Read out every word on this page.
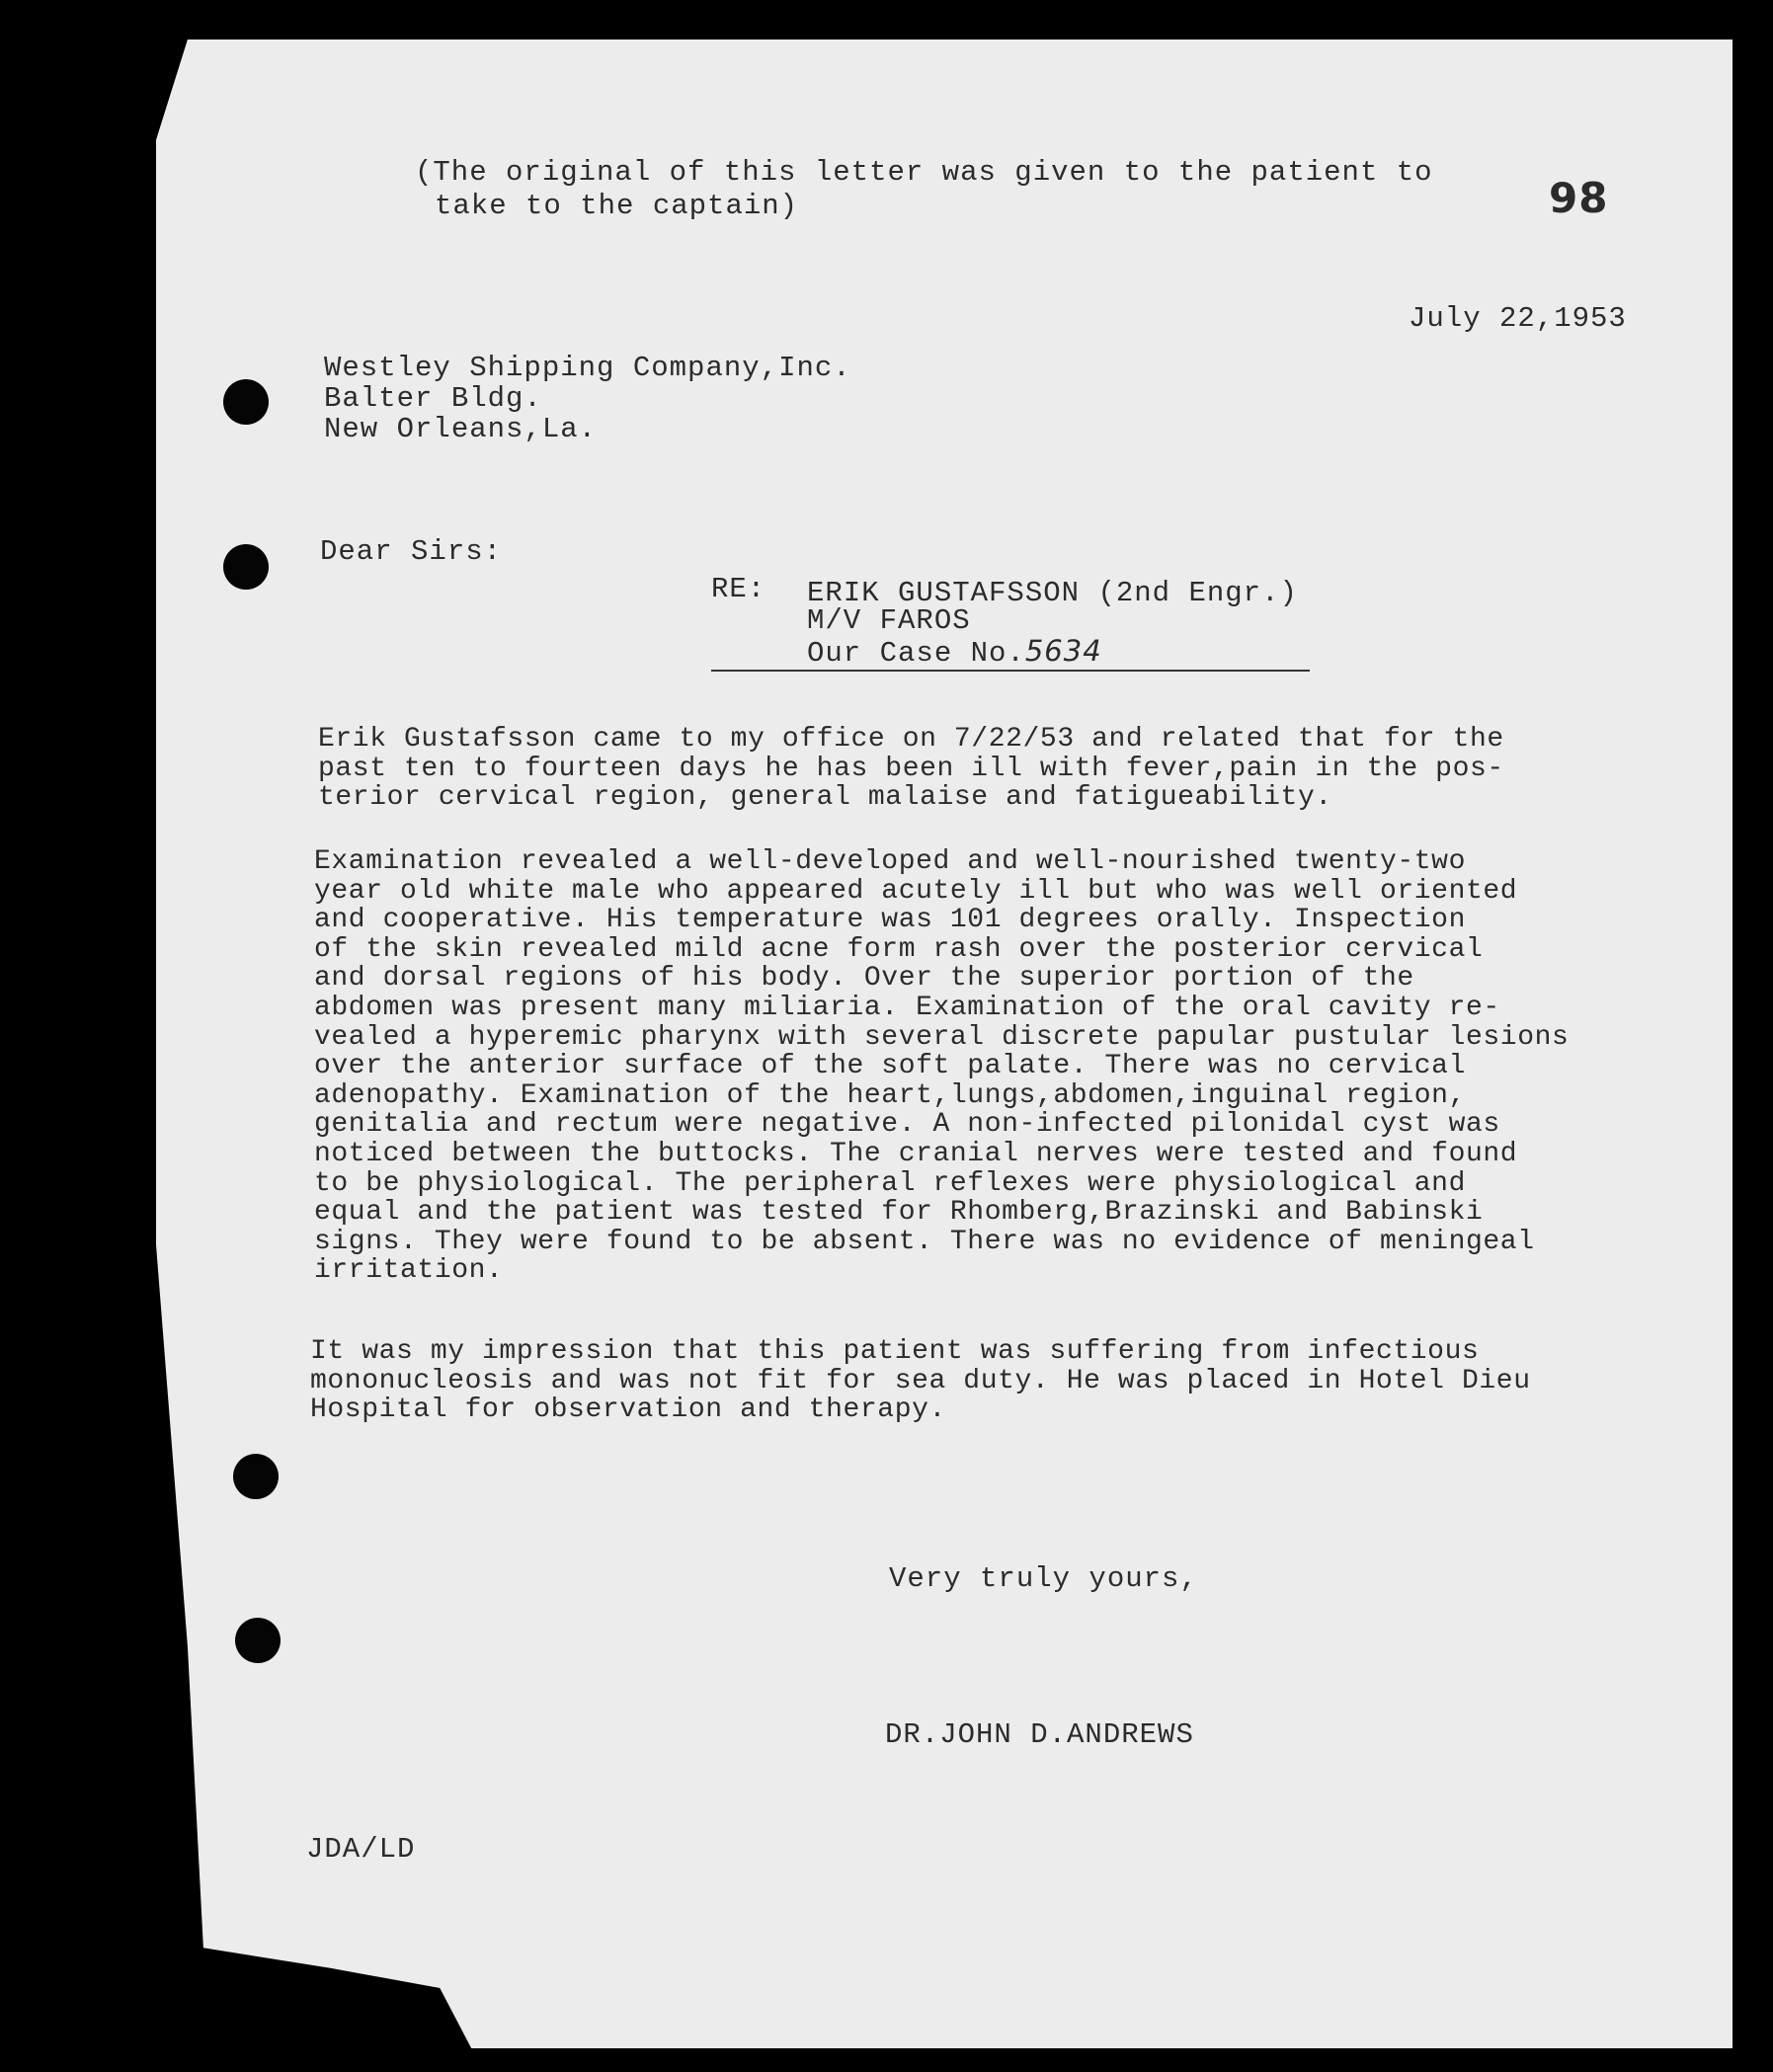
(The original of this letter was given to the patient to
take to the captain)	98
July 22,1953
Westley Shipping Company,Inc.
Balter Bldg.
New Orleans,La.
Dear Sirs:
RE: ERIK GUSTAFSSON (2nd Engr.)
M/V FAROS
Our Case No.5634
Erik Gustafsson came to my office on 7/22/53 and related that for the
past ten to fourteen days he has been ill with fever,pain in the pos-
terior cervical region, general malaise and fatigueability.
Examination revealed a well-developed and well-nourished twenty-two
year old white male who appeared acutely ill but who was well oriented
and cooperative. His temperature was 101 degrees orally. Inspection
of the skin revealed mild acne form rash over the posterior cervical
and dorsal regions of his body. Over the superior portion of the
abdomen was present many miliaria. Examination of the oral cavity re-
vealed a hyperemic pharynx with several discrete papular pustular lesions
over the anterior surface of the soft palate. There was no cervical
adenopathy. Examination of the heart,lungs,abdomen,inguinal region,
genitalia and rectum were negative. A non-infected pilonidal cyst was
noticed between the buttocks. The cranial nerves were tested and found
to be physiological. The peripheral reflexes were physiological and
equal and the patient was tested for Rhomberg,Brazinski and Babinski
signs. They were found to be absent. There was no evidence of meningeal
irritation.
It was my impression that this patient was suffering from infectious
mononucleosis and was not fit for sea duty. He was placed in Hotel Dieu
Hospital for observation and therapy.
Very truly yours,
DR.JOHN D.ANDREWS
JDA/LD
